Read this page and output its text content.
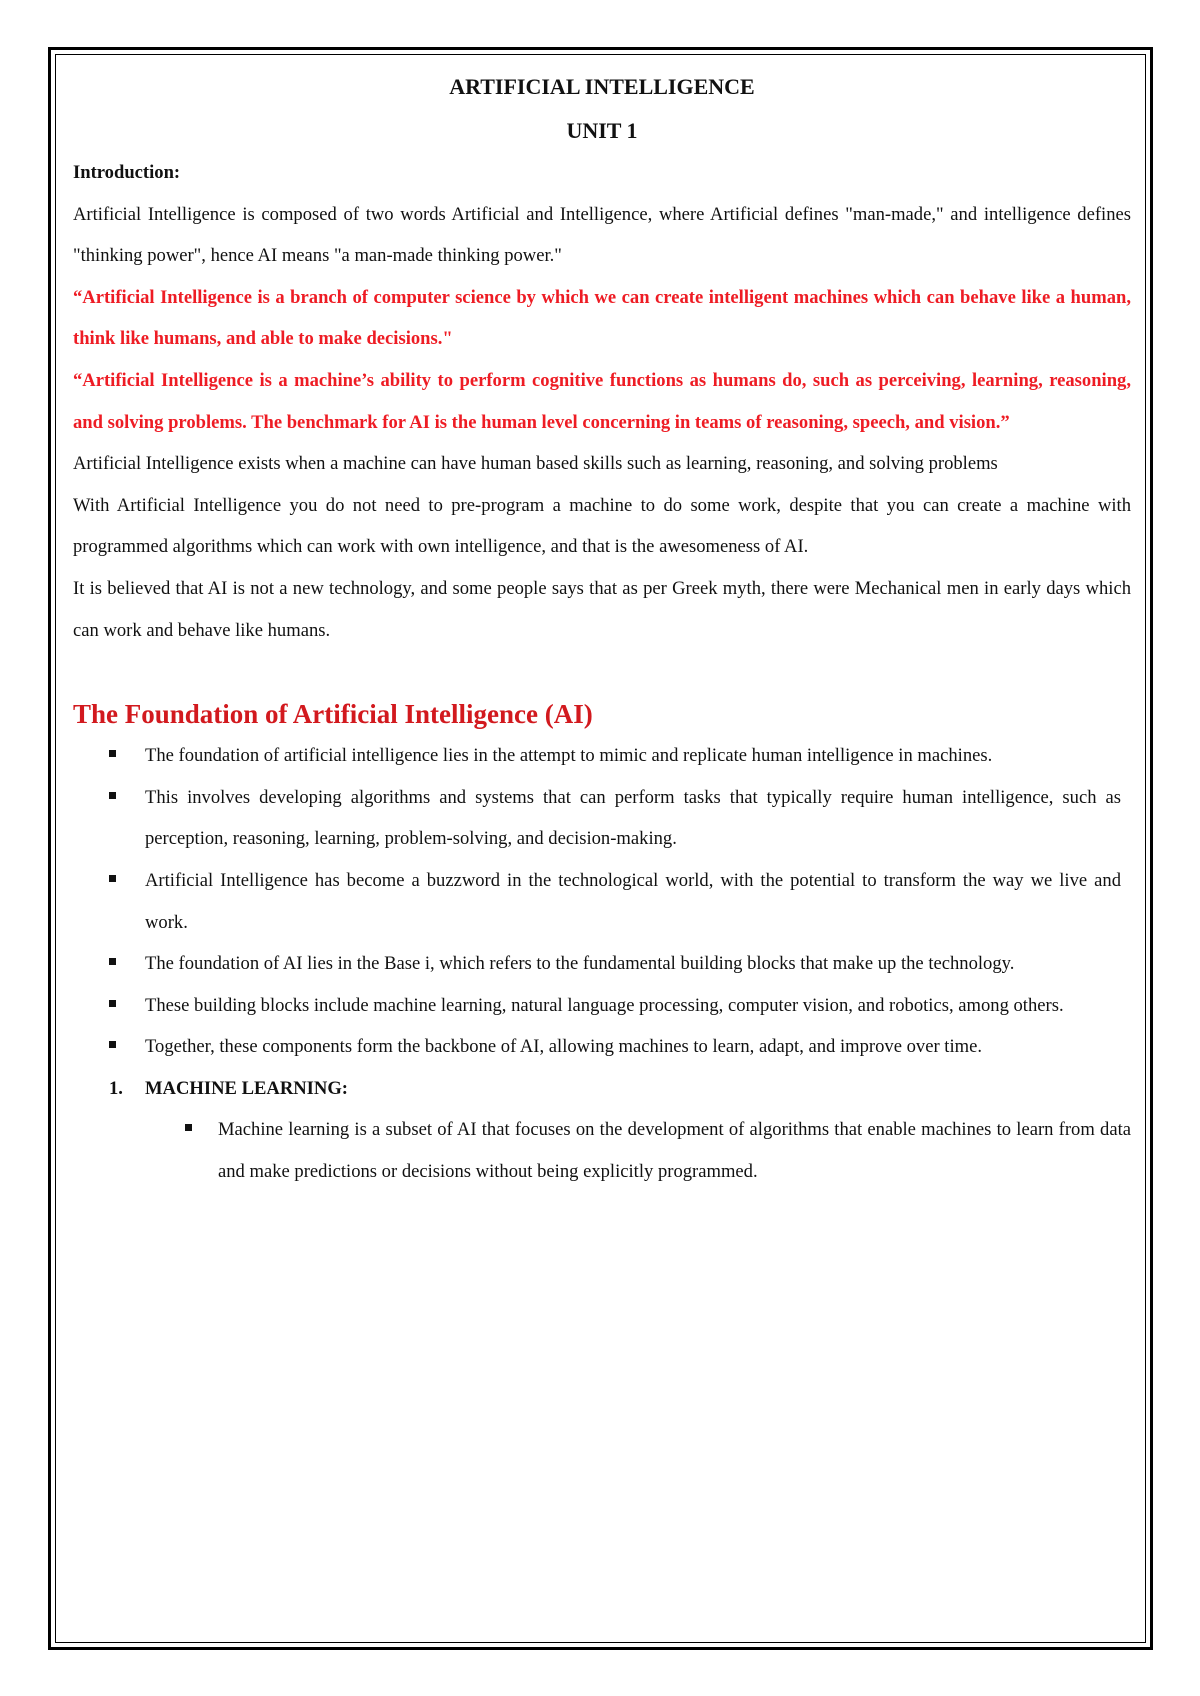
ARTIFICIAL INTELLIGENCE
UNIT 1

Introduction:

Artificial Intelligence is composed of two words Artificial and Intelligence, where Artificial defines "man-made," and intelligence defines "thinking power", hence AI means "a man-made thinking power."

“Artificial Intelligence is a branch of computer science by which we can create intelligent machines which can behave like a human, think like humans, and able to make decisions."

“Artificial Intelligence is a machine’s ability to perform cognitive functions as humans do, such as perceiving, learning, reasoning, and solving problems. The benchmark for AI is the human level concerning in teams of reasoning, speech, and vision.”

Artificial Intelligence exists when a machine can have human based skills such as learning, reasoning, and solving problems

With Artificial Intelligence you do not need to pre-program a machine to do some work, despite that you can create a machine with programmed algorithms which can work with own intelligence, and that is the awesomeness of AI.

It is believed that AI is not a new technology, and some people says that as per Greek myth, there were Mechanical men in early days which can work and behave like humans.

The Foundation of Artificial Intelligence (AI)
The foundation of artificial intelligence lies in the attempt to mimic and replicate human intelligence in machines.
This involves developing algorithms and systems that can perform tasks that typically require human intelligence, such as perception, reasoning, learning, problem-solving, and decision-making.
Artificial Intelligence has become a buzzword in the technological world, with the potential to transform the way we live and work.
The foundation of AI lies in the Base i, which refers to the fundamental building blocks that make up the technology.
These building blocks include machine learning, natural language processing, computer vision, and robotics, among others.
Together, these components form the backbone of AI, allowing machines to learn, adapt, and improve over time.
1. MACHINE LEARNING:
Machine learning is a subset of AI that focuses on the development of algorithms that enable machines to learn from data and make predictions or decisions without being explicitly programmed.
